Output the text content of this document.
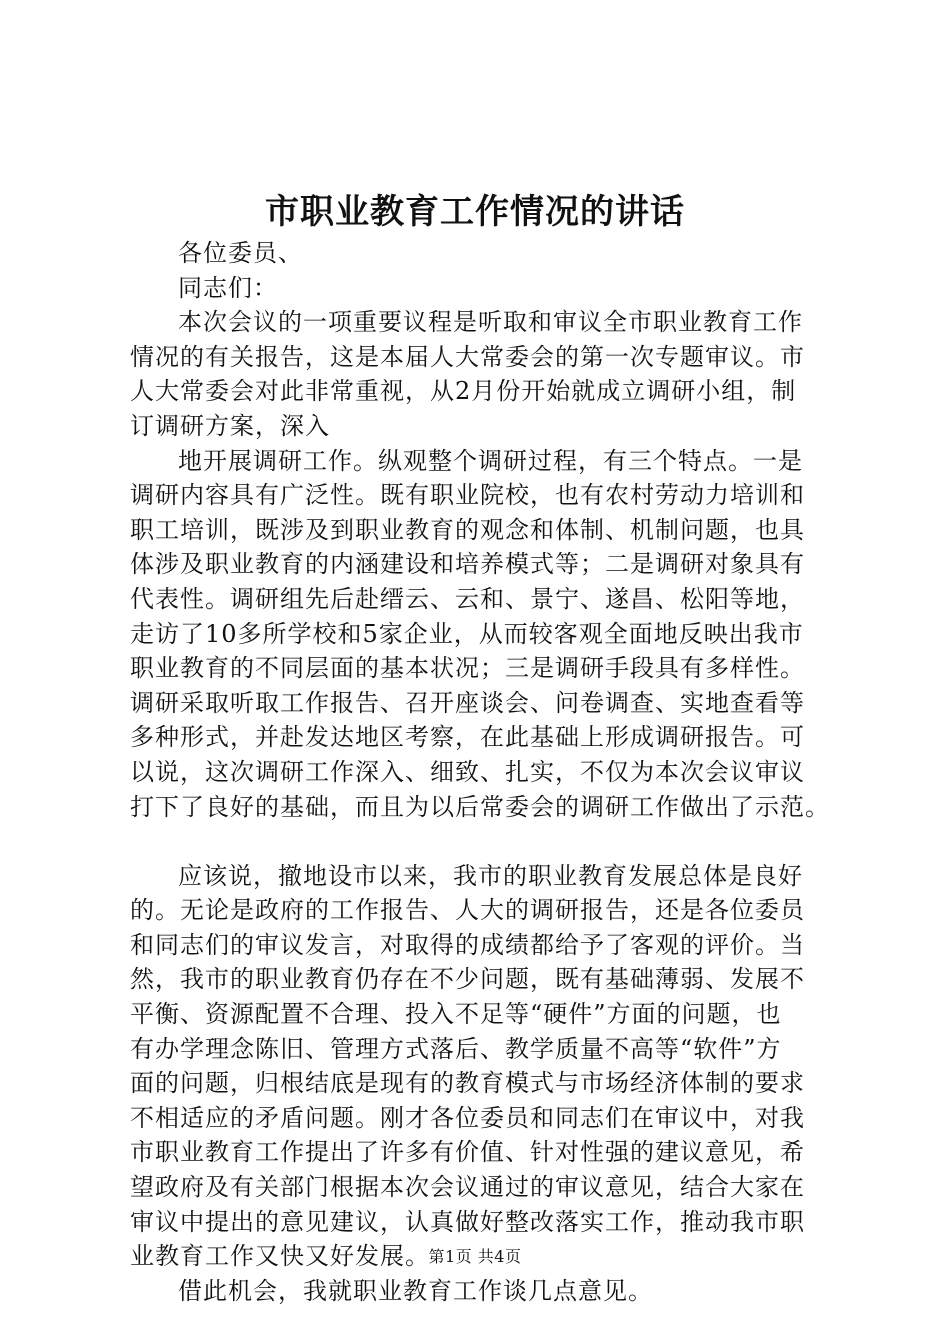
市职业教育工作情况的讲话
各位委员、
同志们：
本次会议的一项重要议程是听取和审议全市职业教育工作
情况的有关报告，这是本届人大常委会的第一次专题审议。市
人大常委会对此非常重视，从2月份开始就成立调研小组，制
订调研方案，深入
地开展调研工作。纵观整个调研过程，有三个特点。一是
调研内容具有广泛性。既有职业院校，也有农村劳动力培训和
职工培训，既涉及到职业教育的观念和体制、机制问题，也具
体涉及职业教育的内涵建设和培养模式等；二是调研对象具有
代表性。调研组先后赴缙云、云和、景宁、遂昌、松阳等地，
走访了10多所学校和5家企业，从而较客观全面地反映出我市
职业教育的不同层面的基本状况；三是调研手段具有多样性。
调研采取听取工作报告、召开座谈会、问卷调查、实地查看等
多种形式，并赴发达地区考察，在此基础上形成调研报告。可
以说，这次调研工作深入、细致、扎实，不仅为本次会议审议
打下了良好的基础，而且为以后常委会的调研工作做出了示范。
应该说，撤地设市以来，我市的职业教育发展总体是良好
的。无论是政府的工作报告、人大的调研报告，还是各位委员
和同志们的审议发言，对取得的成绩都给予了客观的评价。当
然，我市的职业教育仍存在不少问题，既有基础薄弱、发展不
平衡、资源配置不合理、投入不足等“硬件”方面的问题，也
有办学理念陈旧、管理方式落后、教学质量不高等“软件”方
面的问题，归根结底是现有的教育模式与市场经济体制的要求
不相适应的矛盾问题。刚才各位委员和同志们在审议中，对我
市职业教育工作提出了许多有价值、针对性强的建议意见，希
望政府及有关部门根据本次会议通过的审议意见，结合大家在
审议中提出的意见建议，认真做好整改落实工作，推动我市职
业教育工作又快又好发展。
借此机会，我就职业教育工作谈几点意见。
第1页 共4页
